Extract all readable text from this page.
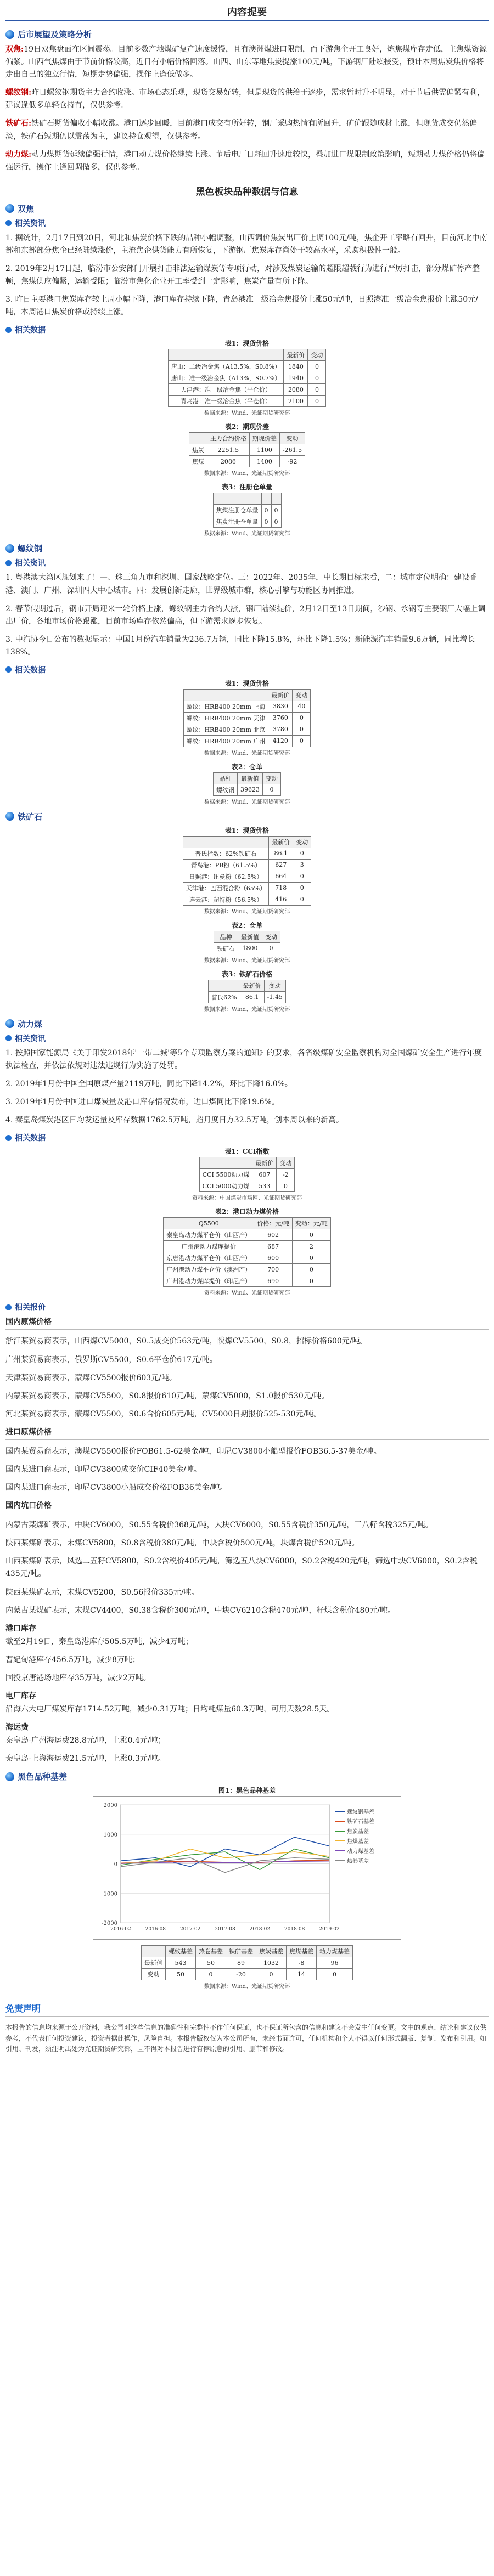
内容提要
后市展望及策略分析

双焦:19日双焦盘面在区间震荡。目前多数产地煤矿复产速度缓慢，且有澳洲煤进口限制，而下游焦企开工良好，炼焦煤库存走低，主焦煤资源偏紧。山西气焦煤由于节前价格较高，近日有小幅价格回落。山西、山东等地焦炭提涨100元/吨，下游钢厂陆续接受，预计本周焦炭焦价格将走出自己的独立行情，短期走势偏强，操作上逢低做多。

螺纹钢:昨日螺纹钢期货主力合约收涨。市场心态乐观，现货交易好转，但是现货的供给于逐步，需求暂时升不明显，对于节后供需偏紧有利，建议逢低多单轻仓持有，仅供参考。

铁矿石:铁矿石期货偏收小幅收涨。港口逐步回暖，目前港口成交有所好转，钢厂采购热情有所回升，矿价跟随成材上涨，但现货成交仍然偏淡，铁矿石短期仍以震荡为主，建议持仓观望，仅供参考。

动力煤:动力煤期货延续偏强行情，港口动力煤价格继续上涨。节后电厂日耗回升速度较快，叠加进口煤限制政策影响，短期动力煤价格仍将偏强运行，操作上逢回调做多，仅供参考。

黑色板块品种数据与信息
双焦
相关资讯

1. 据统计，2月17日到20日，河北和焦炭价格下跌的品种小幅调整，山西调价焦炭出厂价上调100元/吨，焦企开工率略有回升，目前河北中南部和东部部分焦企已经陆续涨价，主流焦企供货能力有所恢复，下游钢厂焦炭库存尚处于较高水平，采购积极性一般。

2. 2019年2月17日起，临汾市公安部门开展打击非法运输煤炭等专项行动，对涉及煤炭运输的超限超载行为进行严厉打击，部分煤矿停产整顿，焦煤供应偏紧，运输受限；临汾市焦化企业开工率受到一定影响，焦炭产量有所下降。

3. 昨日主要港口焦炭库存较上周小幅下降，港口库存持续下降，青岛港准一级冶金焦报价上涨50元/吨，日照港准一级冶金焦报价上涨50元/吨，本周港口焦炭价格或持续上涨。

相关数据
表1：现货价格
	最新价	变动
唐山：二级冶金焦（A13.5%，S0.8%）	1840	0
唐山：准一级冶金焦（A13%，S0.7%）	1940	0
天津港：准一级冶金焦（平仓价）	2080	0
青岛港：准一级冶金焦（平仓价）	2100	0
数据来源：Wind、光证期货研究部
表2：期现价差
	主力合约价格	期现价差	变动
焦炭	2251.5	1100	-261.5
焦煤	2086	1400	-92
数据来源：Wind、光证期货研究部
表3：注册仓单量

焦煤注册仓单量	0	0
焦炭注册仓单量	0	0
数据来源：Wind、光证期货研究部
螺纹钢
相关资讯

1. 粤港澳大湾区规划来了！—、珠三角九市和深圳、国家战略定位。三：2022年、2035年，中长期目标来看，二：城市定位明确：建设香港、澳门、广州、深圳四大中心城市。四：发展创新走廊，世界级城市群，核心引擎与功能区协同推进。

2. 春节假期过后，钢市开局迎来一轮价格上涨，螺纹钢主力合约大涨，钢厂陆续提价，2月12日至13日期间，沙钢、永钢等主要钢厂大幅上调出厂价，各地市场价格跟涨，目前市场库存依然偏高，但下游需求逐步恢复。

3. 中汽协今日公布的数据显示：中国1月份汽车销量为236.7万辆，同比下降15.8%，环比下降1.5%；新能源汽车销量9.6万辆，同比增长138%。

相关数据
表1：现货价格
	最新价	变动
螺纹：HRB400 20mm 上海	3830	40
螺纹：HRB400 20mm 天津	3760	0
螺纹：HRB400 20mm 北京	3780	0
螺纹：HRB400 20mm 广州	4120	0
数据来源：Wind、光证期货研究部
表2：仓单
品种	最新值	变动
螺纹钢	39623	0
数据来源：Wind、光证期货研究部
铁矿石
表1：现货价格
	最新价	变动
普氏指数：62%铁矿石	86.1	0
青岛港：PB粉（61.5%）	627	3
日照港：纽曼粉（62.5%）	664	0
天津港：巴西混合粉（65%）	718	0
连云港：超特粉（56.5%）	416	0
数据来源：Wind、光证期货研究部
表2：仓单
品种	最新值	变动
铁矿石	1800	0
数据来源：Wind、光证期货研究部
表3：铁矿石价格
	最新价	变动
普氏62%	86.1	-1.45
数据来源：Wind、光证期货研究部
动力煤
相关资讯

1. 按照国家能源局《关于印发2018年'一带二城'等5个专项监察方案的通知》的要求，各省级煤矿安全监察机构对全国煤矿安全生产进行年度执法检查，并依法依规对违法违规行为实施了处罚。

2. 2019年1月份中国全国原煤产量2119万吨，同比下降14.2%，环比下降16.0%。

3. 2019年1月份中国进口煤炭量及港口库存情况发布，进口煤同比下降19.6%。

4. 秦皇岛煤炭港区日均发运量及库存数据1762.5万吨，超月度日方32.5万吨，创本周以来的新高。

相关数据
表1：CCI指数
	最新价	变动
CCI 5500动力煤	607	-2
CCI 5000动力煤	533	0
资料来源：中国煤炭市场网、光证期货研究部
表2：港口动力煤价格
Q5500	价格：元/吨	变动：元/吨
秦皇岛动力煤平仓价（山西产）	602	0
广州港动力煤库提价	687	2
京唐港动力煤平仓价（山西产）	600	0
广州港动力煤平仓价（澳洲产）	700	0
广州港动力煤库提价（印尼产）	690	0
资料来源：Wind、光证期货研究部
相关报价
国内原煤价格

浙江某贸易商表示，山西煤CV5000，S0.5成交价563元/吨，陕煤CV5500，S0.8，招标价格600元/吨。

广州某贸易商表示，俄罗斯CV5500，S0.6平仓价617元/吨。

天津某贸易商表示，蒙煤CV5500报价603元/吨。

内蒙某贸易商表示，蒙煤CV5500，S0.8报价610元/吨，蒙煤CV5000，S1.0报价530元/吨。

河北某贸易商表示，蒙煤CV5500，S0.6含价605元/吨，CV5000日期报价525-530元/吨。

进口原煤价格

国内某贸易商表示，澳煤CV5500报价FOB61.5-62美金/吨，印尼CV3800小船型报价FOB36.5-37美金/吨。

国内某进口商表示，印尼CV3800成交价CIF40美金/吨。

国内某进口商表示，印尼CV3800小船成交价格FOB36美金/吨。

国内坑口价格

内蒙古某煤矿表示，中块CV6000，S0.55含税价368元/吨，大块CV6000，S0.55含税价350元/吨，三八籽含税325元/吨。

陕西某煤矿表示，末煤CV5800，S0.8含税价380元/吨，中块含税价500元/吨，块煤含税价520元/吨。

山西某煤矿表示，风选二五籽CV5800，S0.2含税价405元/吨，筛选五八块CV6000，S0.2含税420元/吨，筛选中块CV6000，S0.2含税435元/吨。

陕西某煤矿表示，末煤CV5200，S0.56报价335元/吨。

内蒙古某煤矿表示，末煤CV4400，S0.38含税价300元/吨，中块CV6210含税470元/吨，籽煤含税价480元/吨。

港口库存

截至2月19日，秦皇岛港库存505.5万吨，减少4万吨；

曹妃甸港库存456.5万吨，减少8万吨；

国投京唐港场地库存35万吨，减少2万吨。

电厂库存

沿海六大电厂煤炭库存1714.52万吨，减少0.31万吨；日均耗煤量60.3万吨，可用天数28.5天。

海运费

秦皇岛-广州海运费28.8元/吨，上涨0.4元/吨；

秦皇岛-上海海运费21.5元/吨，上涨0.3元/吨。

黑色品种基差
图1：黑色品种基差
-2000
-1000
0
1000
2000
2016-02	2016-08	2017-02	2017-08	2018-02	2018-08	2019-02
螺纹钢基差
铁矿石基差
焦炭基差
焦煤基差
动力煤基差
热卷基差
	螺纹基差	热卷基差	铁矿基差	焦炭基差	焦煤基差	动力煤基差
最新值	543	50	89	1032	-8	96
变动	50	0	-20	0	14	0
数据来源：Wind、光证期货研究部
免责声明
本报告的信息均来源于公开资料，我公司对这些信息的准确性和完整性不作任何保证，也不保证所包含的信息和建议不会发生任何变更。文中的观点、结论和建议仅供参考，不代表任何投资建议，投资者据此操作，风险自担。本报告版权仅为本公司所有，未经书面许可，任何机构和个人不得以任何形式翻版、复制、发布和引用。如引用、刊发，须注明出处为光证期货研究部，且不得对本报告进行有悖原意的引用、删节和修改。
